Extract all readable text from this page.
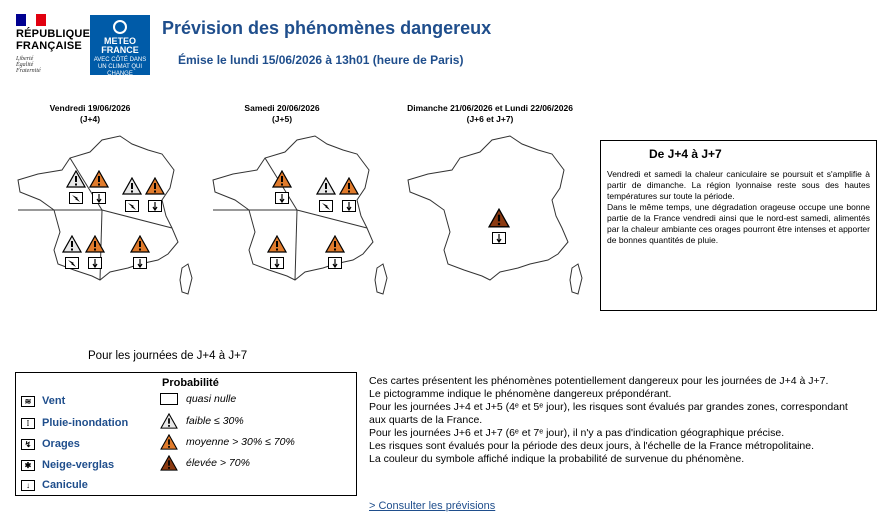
RÉPUBLIQUE
FRANÇAISE
Liberté
Égalité
Fraternité
METEO
FRANCE
AVEC CÔTÉ DANS UN CLIMAT QUI CHANGE
Prévision des phénomènes dangereux
Émise le lundi 15/06/2026 à 13h01 (heure de Paris)
Vendredi 19/06/2026
(J+4)
Samedi 20/06/2026
(J+5)
Dimanche 21/06/2026 et Lundi 22/06/2026
(J+6 et J+7)
De J+4 à J+7

Vendredi et samedi la chaleur caniculaire se poursuit et s'amplifie à partir de dimanche. La région lyonnaise reste sous des hautes températures sur toute la période.

Dans le même temps, une dégradation orageuse occupe une bonne partie de la France vendredi ainsi que le nord-est samedi, alimentés par la chaleur ambiante ces orages pourront être intenses et apporter de bonnes quantités de pluie.

Pour les journées de J+4 à J+7
≋ Vent
⁞	Pluie-inondation
↯ Orages
✱ Neige-verglas
↓	Canicule
Probabilité
quasi nulle
faible ≤ 30%
moyenne > 30% ≤ 70%
élevée > 70%

Ces cartes présentent les phénomènes potentiellement dangereux pour les journées de J+4 à J+7.

Le pictogramme indique le phénomène dangereux prépondérant.

Pour les journées J+4 et J+5 (4ᵉ et 5ᵉ jour), les risques sont évalués par grandes zones, correspondant aux quarts de la France.

Pour les journées J+6 et J+7 (6ᵉ et 7ᵉ jour), il n'y a pas d'indication géographique précise.

Les risques sont évalués pour la période des deux jours, à l'échelle de la France métropolitaine.

La couleur du symbole affiché indique la probabilité de survenue du phénomène.

> Consulter les prévisions
